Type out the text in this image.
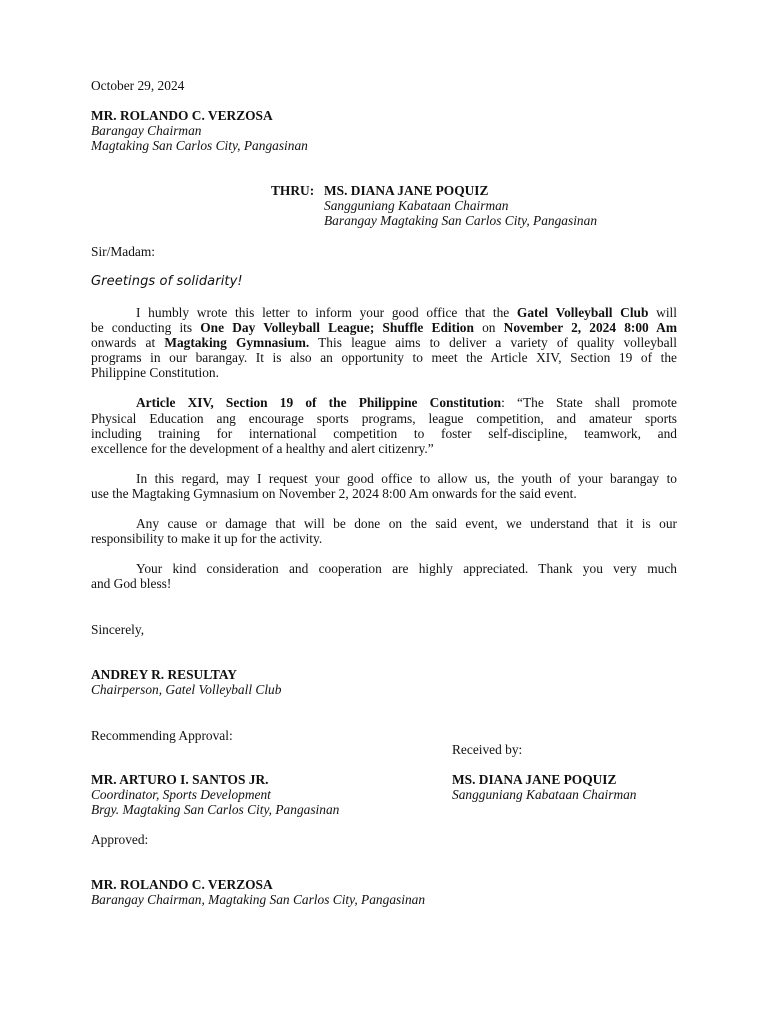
October 29, 2024
MR. ROLANDO C. VERZOSA
Barangay Chairman
Magtaking San Carlos City, Pangasinan
THRU: MS. DIANA JANE POQUIZ
Sangguniang Kabataan Chairman
Barangay Magtaking San Carlos City, Pangasinan
Sir/Madam:
Greetings of solidarity!
I humbly wrote this letter to inform your good office that the Gatel Volleyball Club will
be conducting its One Day Volleyball League; Shuffle Edition on November 2, 2024 8:00 Am
onwards at Magtaking Gymnasium. This league aims to deliver a variety of quality volleyball
programs in our barangay. It is also an opportunity to meet the Article XIV, Section 19 of the
Philippine Constitution.
Article XIV, Section 19 of the Philippine Constitution: “The State shall promote
Physical Education ang encourage sports programs, league competition, and amateur sports
including training for international competition to foster self-discipline, teamwork, and
excellence for the development of a healthy and alert citizenry.”
In this regard, may I request your good office to allow us, the youth of your barangay to
use the Magtaking Gymnasium on November 2, 2024 8:00 Am onwards for the said event.
Any cause or damage that will be done on the said event, we understand that it is our
responsibility to make it up for the activity.
Your kind consideration and cooperation are highly appreciated. Thank you very much
and God bless!
Sincerely,
ANDREY R. RESULTAY
Chairperson, Gatel Volleyball Club
Recommending Approval:
Received by:
MR. ARTURO I. SANTOS JR.
Coordinator, Sports Development
Brgy. Magtaking San Carlos City, Pangasinan
MS. DIANA JANE POQUIZ
Sangguniang Kabataan Chairman
Approved:
MR. ROLANDO C. VERZOSA
Barangay Chairman, Magtaking San Carlos City, Pangasinan
